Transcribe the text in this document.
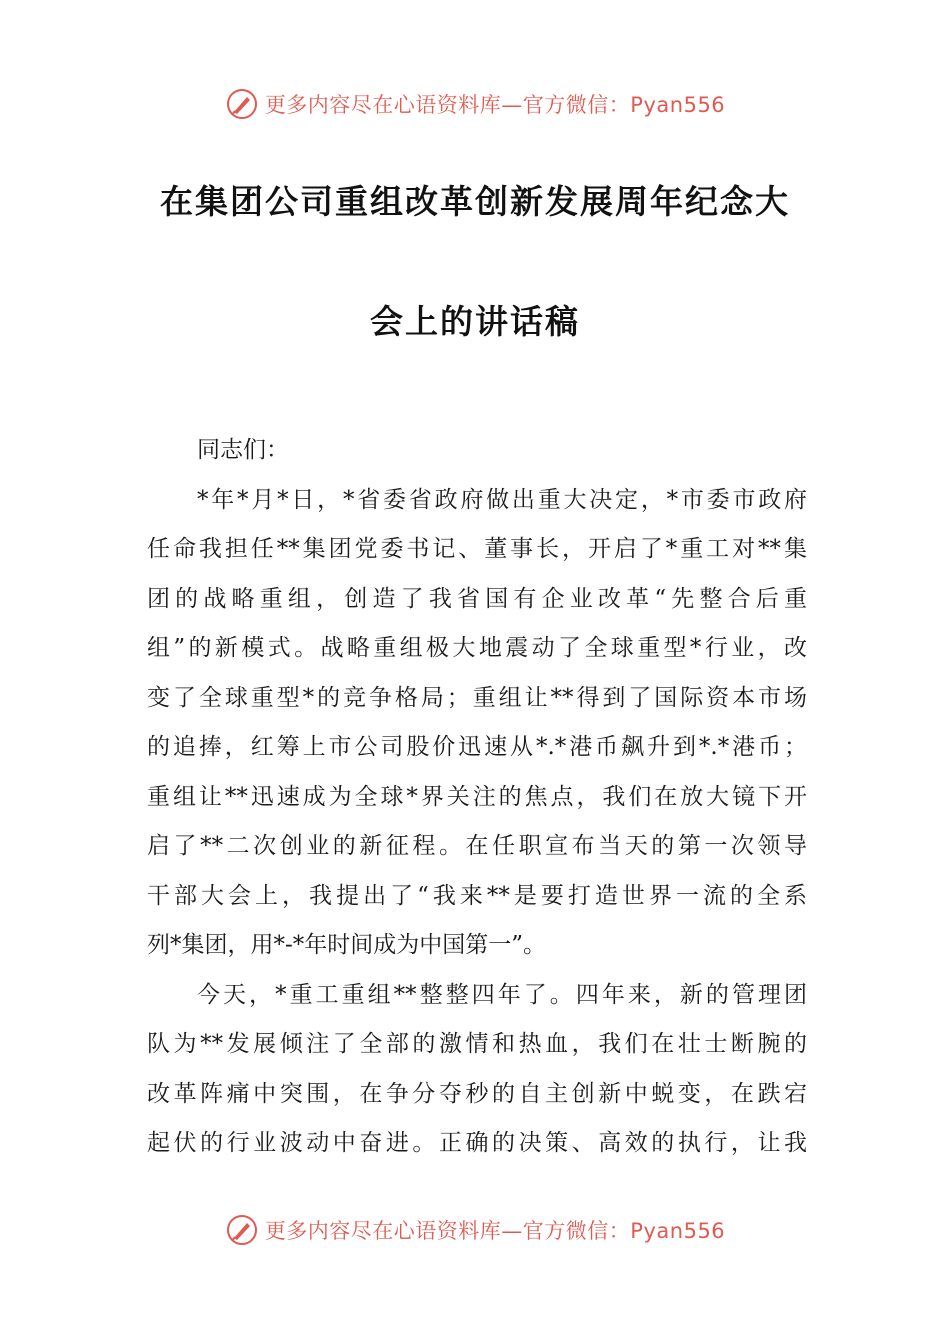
更多内容尽在心语资料库—官方微信：Pyan556
在集团公司重组改革创新发展周年纪念大
会上的讲话稿
同志们：
*年*月*日，*省委省政府做出重大决定，*市委市政府
任命我担任**集团党委书记、董事长，开启了*重工对**集
团的战略重组，创造了我省国有企业改革“先整合后重
组”的新模式。战略重组极大地震动了全球重型*行业，改
变了全球重型*的竞争格局；重组让**得到了国际资本市场
的追捧，红筹上市公司股价迅速从*.*港币飙升到*.*港币；
重组让**迅速成为全球*界关注的焦点，我们在放大镜下开
启了**二次创业的新征程。在任职宣布当天的第一次领导
干部大会上，我提出了“我来**是要打造世界一流的全系
列*集团，用*-*年时间成为中国第一”。
今天，*重工重组**整整四年了。四年来，新的管理团
队为**发展倾注了全部的激情和热血，我们在壮士断腕的
改革阵痛中突围，在争分夺秒的自主创新中蜕变，在跌宕
起伏的行业波动中奋进。正确的决策、高效的执行，让我
更多内容尽在心语资料库—官方微信：Pyan556
